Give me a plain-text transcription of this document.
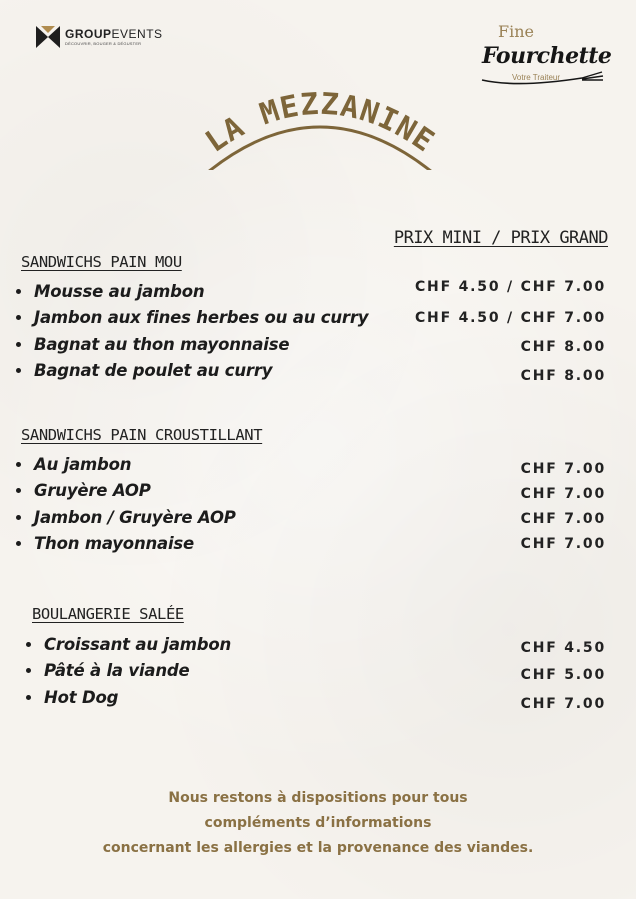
GROUPEVENTS
DÉCOUVRIR, BOUGER & DÉGUSTER
Fine
Fourchette
Votre Traiteur
LA MEZZANINE
PRIX MINI / PRIX GRAND
SANDWICHS PAIN MOU
Mousse au jambon	CHF 4.50 / CHF 7.00
Jambon aux fines herbes ou au curry	CHF 4.50 / CHF 7.00
Bagnat au thon mayonnaise	CHF 8.00
Bagnat de poulet au curry	CHF 8.00
SANDWICHS PAIN CROUSTILLANT
Au jambon	CHF 7.00
Gruyère AOP	CHF 7.00
Jambon / Gruyère AOP	CHF 7.00
Thon mayonnaise	CHF 7.00
BOULANGERIE SALÉE
Croissant au jambon	CHF 4.50
Pâté à la viande	CHF 5.00
Hot Dog	CHF 7.00
Nous restons à dispositions pour tous
compléments d’informations
concernant les allergies et la provenance des viandes.
